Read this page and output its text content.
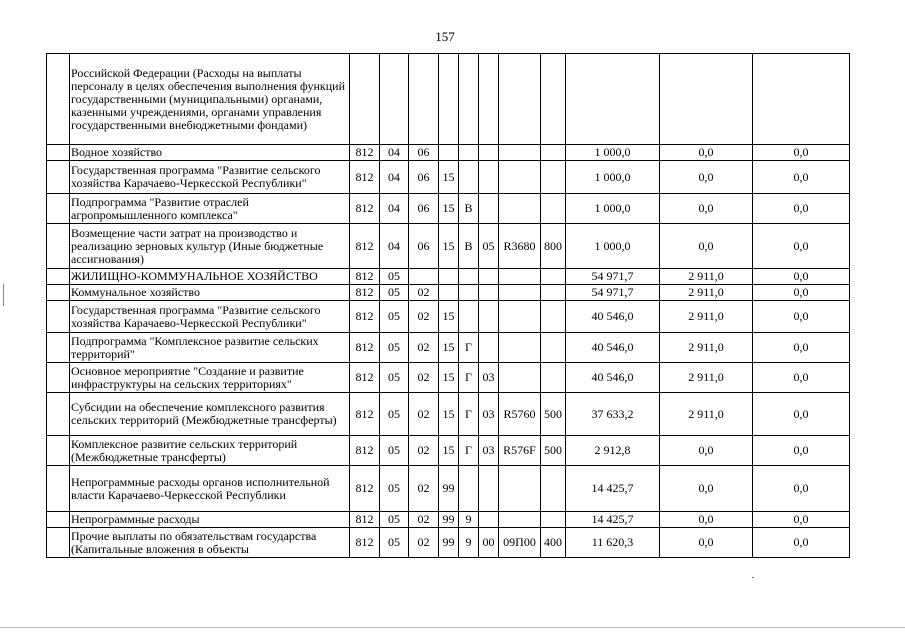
157
	Российской Федерации (Расходы на выплаты персоналу в целях обеспечения выполнения функций государственными (муниципальными) органами, казенными учреждениями, органами управления государственными внебюджетными фондами)											
	Водное хозяйство	812	04	06						1 000,0	0,0	0,0
	Государственная программа "Развитие сельского хозяйства Карачаево-Черкесской Республики"	812	04	06	15					1 000,0	0,0	0,0
	Подпрограмма "Развитие отраслей агропромышленного комплекса"	812	04	06	15	В				1 000,0	0,0	0,0
	Возмещение части затрат на производство и реализацию зерновых культур (Иные бюджетные ассигнования)	812	04	06	15	В	05	R3680	800	1 000,0	0,0	0,0
	ЖИЛИЩНО-КОММУНАЛЬНОЕ ХОЗЯЙСТВО	812	05							54 971,7	2 911,0	0,0
	Коммунальное хозяйство	812	05	02						54 971,7	2 911,0	0,0
	Государственная программа "Развитие сельского хозяйства Карачаево-Черкесской Республики"	812	05	02	15					40 546,0	2 911,0	0,0
	Подпрограмма "Комплексное развитие сельских территорий"	812	05	02	15	Г				40 546,0	2 911,0	0,0
	Основное мероприятие "Создание и развитие инфраструктуры на сельских территориях"	812	05	02	15	Г	03			40 546,0	2 911,0	0,0
	Субсидии на обеспечение комплексного развития сельских территорий (Межбюджетные трансферты)	812	05	02	15	Г	03	R5760	500	37 633,2	2 911,0	0,0
	Комплексное развитие сельских территорий (Межбюджетные трансферты)	812	05	02	15	Г	03	R576F	500	2 912,8	0,0	0,0
	Непрограммные расходы органов исполнительной власти Карачаево-Черкесской Республики	812	05	02	99					14 425,7	0,0	0,0
	Непрограммные расходы	812	05	02	99	9				14 425,7	0,0	0,0
	Прочие выплаты по обязательствам государства (Капитальные вложения в объекты	812	05	02	99	9	00	09П00	400	11 620,3	0,0	0,0
